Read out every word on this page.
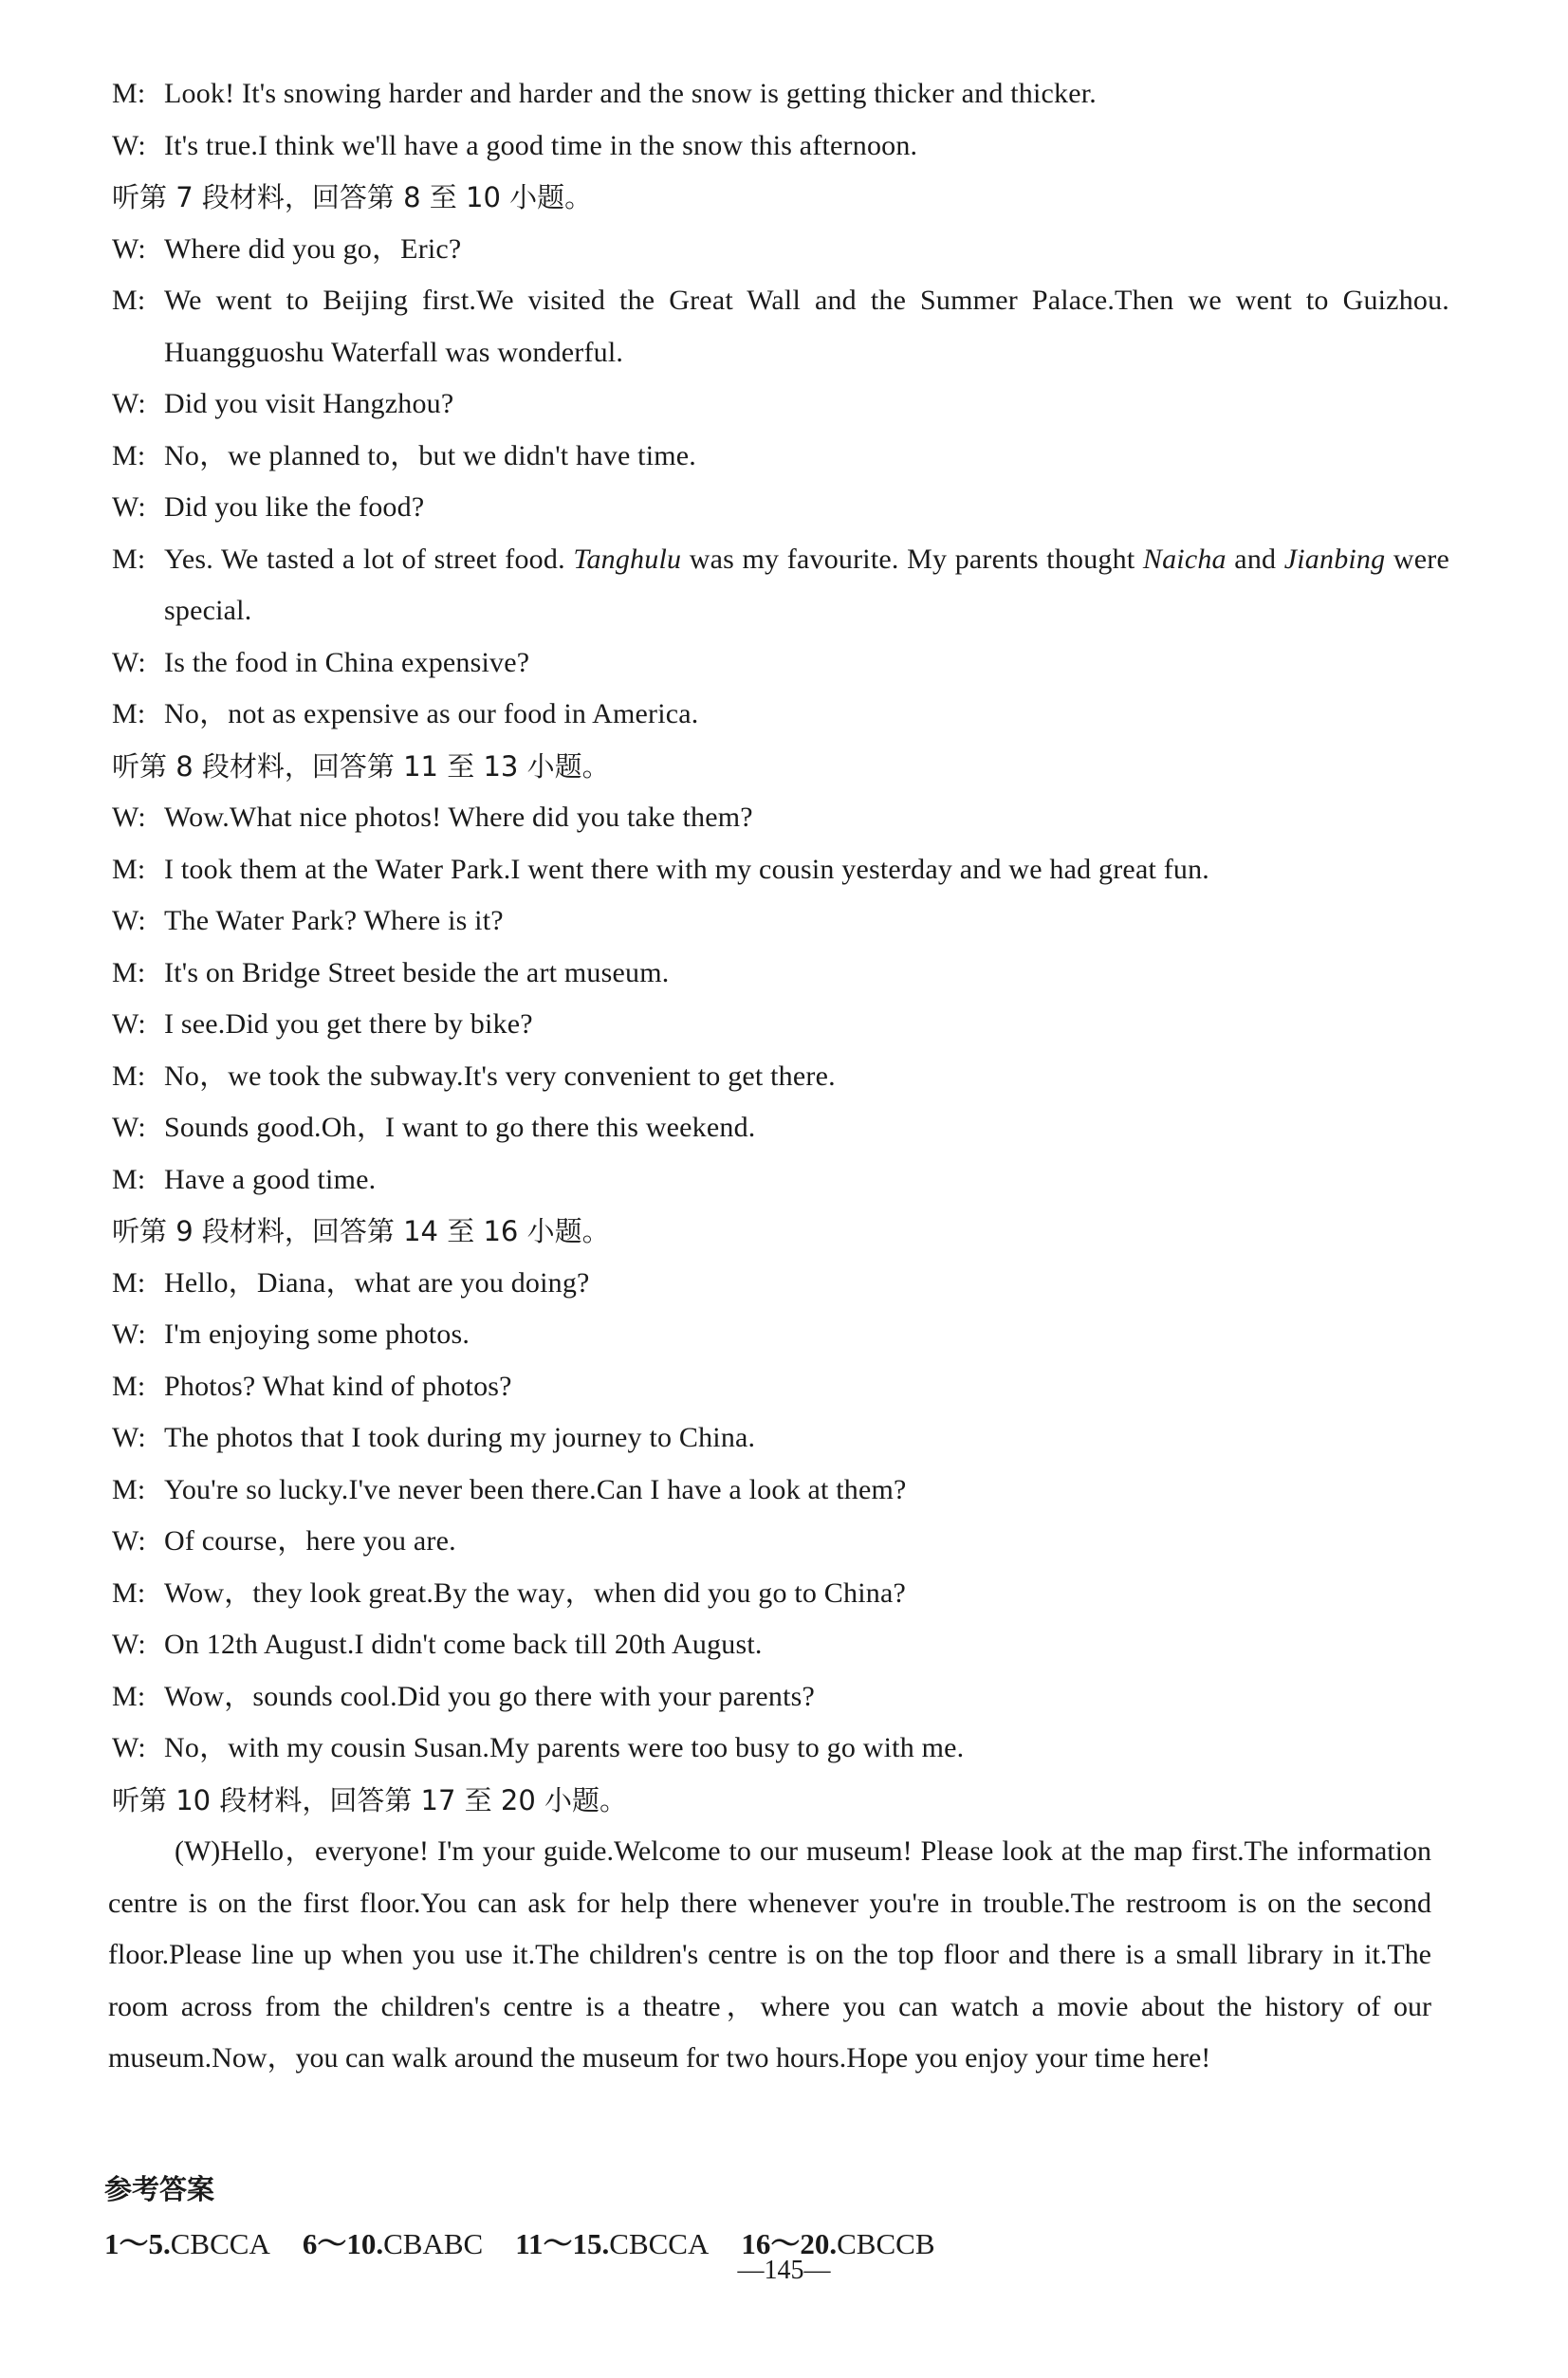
M: Look! It's snowing harder and harder and the snow is getting thicker and thicker.
W: It's true.I think we'll have a good time in the snow this afternoon.
听第 7 段材料，回答第 8 至 10 小题。
W: Where did you go，Eric?
M: We went to Beijing first.We visited the Great Wall and the Summer Palace.Then we went to Guizhou. Huangguoshu Waterfall was wonderful.
W: Did you visit Hangzhou?
M: No，we planned to，but we didn't have time.
W: Did you like the food?
M: Yes. We tasted a lot of street food. Tanghulu was my favourite. My parents thought Naicha and Jianbing were special.
W: Is the food in China expensive?
M: No，not as expensive as our food in America.
听第 8 段材料，回答第 11 至 13 小题。
W: Wow.What nice photos! Where did you take them?
M: I took them at the Water Park.I went there with my cousin yesterday and we had great fun.
W: The Water Park? Where is it?
M: It's on Bridge Street beside the art museum.
W: I see.Did you get there by bike?
M: No，we took the subway.It's very convenient to get there.
W: Sounds good.Oh，I want to go there this weekend.
M: Have a good time.
听第 9 段材料，回答第 14 至 16 小题。
M: Hello，Diana，what are you doing?
W: I'm enjoying some photos.
M: Photos? What kind of photos?
W: The photos that I took during my journey to China.
M: You're so lucky.I've never been there.Can I have a look at them?
W: Of course，here you are.
M: Wow，they look great.By the way，when did you go to China?
W: On 12th August.I didn't come back till 20th August.
M: Wow，sounds cool.Did you go there with your parents?
W: No，with my cousin Susan.My parents were too busy to go with me.
听第 10 段材料，回答第 17 至 20 小题。
(W)Hello，everyone! I'm your guide.Welcome to our museum! Please look at the map first.The information centre is on the first floor.You can ask for help there whenever you're in trouble.The restroom is on the second floor.Please line up when you use it.The children's centre is on the top floor and there is a small library in it.The room across from the children's centre is a theatre，where you can watch a movie about the history of our museum.Now，you can walk around the museum for two hours.Hope you enjoy your time here!
参考答案
1～5.CBCCA 6～10.CBABC 11～15.CBCCA 16～20.CBCCB
—145—
